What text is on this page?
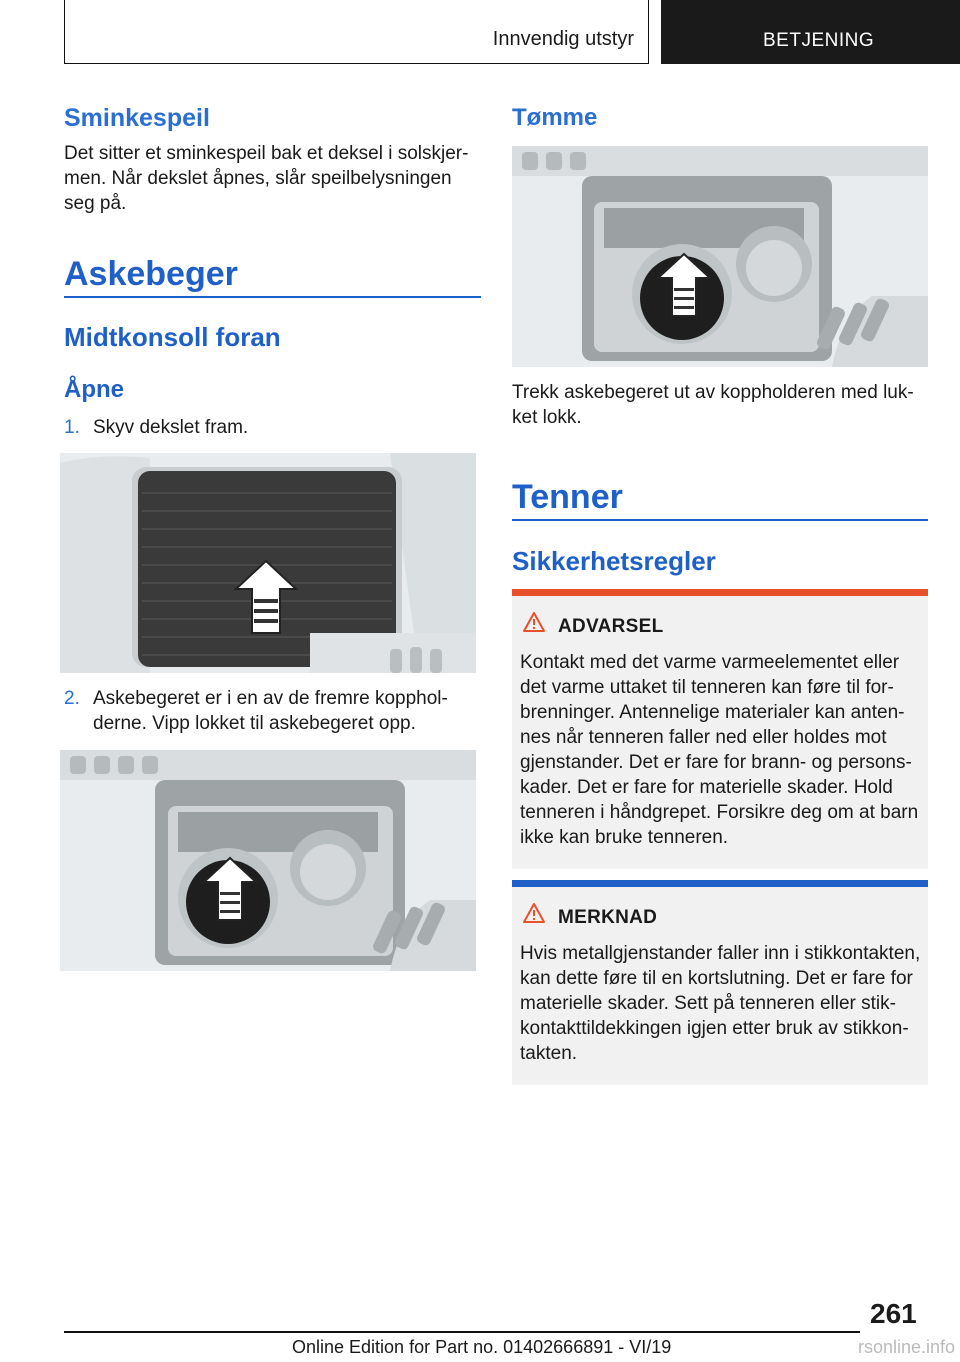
Innvendig utstyr	BETJENING
Sminkespeil
Det sitter et sminkespeil bak et deksel i solskjer-
men. Når dekslet åpnes, slår speilbelysningen
seg på.
Askebeger
Midtkonsoll foran
Åpne
1. Skyv dekslet fram.
2. Askebegeret er i en av de fremre kopphol-
derne. Vipp lokket til askebegeret opp.
Tømme
Trekk askebegeret ut av koppholderen med luk-
ket lokk.
Tenner
Sikkerhetsregler
ADVARSEL
Kontakt med det varme varmeelementet eller
det varme uttaket til tenneren kan føre til for-
brenninger. Antennelige materialer kan anten-
nes når tenneren faller ned eller holdes mot
gjenstander. Det er fare for brann- og persons-
kader. Det er fare for materielle skader. Hold
tenneren i håndgrepet. Forsikre deg om at barn
ikke kan bruke tenneren.
MERKNAD
Hvis metallgjenstander faller inn i stikkontakten,
kan dette føre til en kortslutning. Det er fare for
materielle skader. Sett på tenneren eller stik-
kontakttildekkingen igjen etter bruk av stikkon-
takten.
261
Online Edition for Part no. 01402666891 - VI/19	rsonline.info
